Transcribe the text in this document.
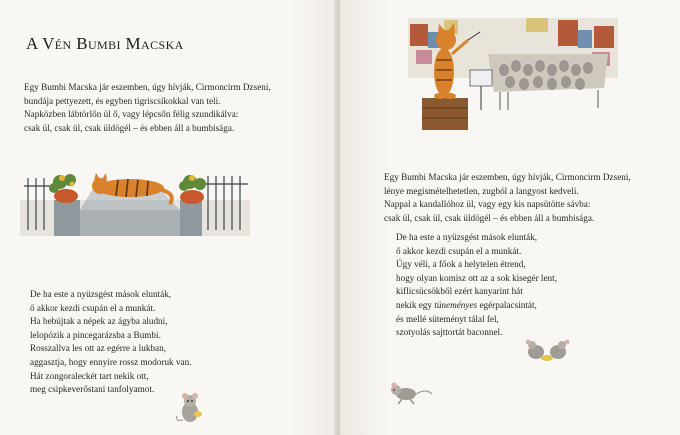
A Vén Bumbi Macska
Egy Bumbi Macska jár eszemben, úgy hívják, Cirmoncirm Dzseni,
bundája pettyezett, és egyben tigriscsíkokkal van teli.
Napközben lábtörlőn ül ő, vagy lépcsőn félig szundikálva:
csak ül, csak ül, csak üldögél – és ebben áll a bumbisága.
De ha este a nyüzsgést mások elunták,
ő akkor kezdi csupán el a munkát.
Ha bebújtak a népek az ágyba aludni,
lelopózik a pincegarázsba a Bumbi.
Rosszallva les ott az egérre a lukban,
aggasztja, hogy ennyire rossz modoruk van.
Hát zongoraleckét tart nekik ott,
meg csipkeverőstani tanfolyamot.
Egy Bumbi Macska jár eszemben, úgy hívják, Cirmoncirm Dzseni,
lénye megismételhetetlen, zugból a langyost kedveli.
Nappal a kandallóhoz ül, vagy egy kis napsütötte sávba:
csak ül, csak ül, csak üldögél – és ebben áll a bumbisága.
De ha este a nyüzsgést mások elunták,
ő akkor kezdi csupán el a munkát.
Úgy véli, a főok a helytelen étrend,
hogy olyan komisz ott az a sok kisegér lent,
kiflicsücsökből ezért kanyarint hát
nekik egy tüneményes egérpalacsintát,
és mellé süteményt tálal fel,
szotyolás sajttortát baconnel.
